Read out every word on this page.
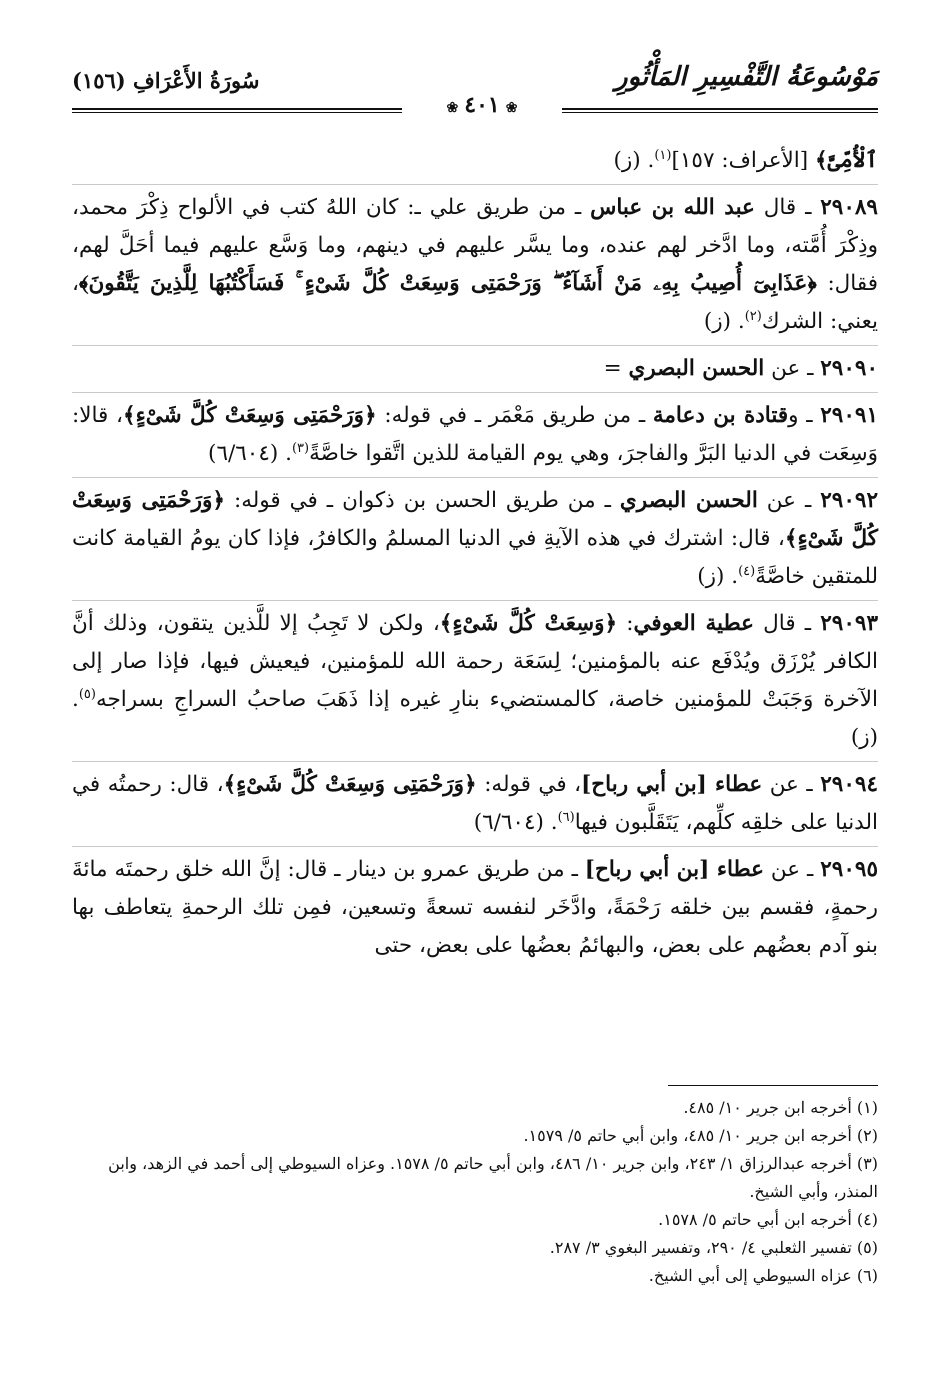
مَوْسُوعَةُ التَّفْسِيرِ المَأْثُورِ
سُورَةُ الأَعْرَافِ (١٥٦)
❀٤٠١❀

ٱلْأُمِّىَّ﴾ [الأعراف: ١٥٧]$^{(١)}$. (ز)

٢٩٠٨٩ ـ قال عبد الله بن عباس ـ من طريق علي ـ: كان اللهُ كتب في الألواح ذِكْرَ محمد، وذِكْرَ أُمَّته، وما ادَّخر لهم عنده، وما يسَّر عليهم في دينهم، وما وَسَّع عليهم فيما أحَلَّ لهم، فقال: ﴿عَذَابِىٓ أُصِيبُ بِهِۦ مَنْ أَشَآءُ ۖ وَرَحْمَتِى وَسِعَتْ كُلَّ شَىْءٍ ۚ فَسَأَكْتُبُهَا لِلَّذِينَ يَتَّقُونَ﴾، يعني: الشرك$^{(٢)}$. (ز)

٢٩٠٩٠ ـ عن الحسن البصري =

٢٩٠٩١ ـ وقتادة بن دعامة ـ من طريق مَعْمَر ـ في قوله: ﴿وَرَحْمَتِى وَسِعَتْ كُلَّ شَىْءٍ﴾، قالا: وَسِعَت في الدنيا البَرَّ والفاجرَ، وهي يوم القيامة للذين اتَّقوا خاصَّةً$^{(٣)}$. (٦/٦٠٤)

٢٩٠٩٢ ـ عن الحسن البصري ـ من طريق الحسن بن ذكوان ـ في قوله: ﴿وَرَحْمَتِى وَسِعَتْ كُلَّ شَىْءٍ﴾، قال: اشترك في هذه الآيةِ في الدنيا المسلمُ والكافرُ، فإذا كان يومُ القيامة كانت للمتقين خاصَّةً$^{(٤)}$. (ز)

٢٩٠٩٣ ـ قال عطية العوفي: ﴿وَسِعَتْ كُلَّ شَىْءٍ﴾، ولكن لا تَجِبُ إلا للَّذين يتقون، وذلك أنَّ الكافر يُرْزَق ويُدْفَع عنه بالمؤمنين؛ لِسَعَة رحمة الله للمؤمنين، فيعيش فيها، فإذا صار إلى الآخرة وَجَبَتْ للمؤمنين خاصة، كالمستضيء بنارِ غيره إذا ذَهَبَ صاحبُ السراجِ بسراجه$^{(٥)}$. (ز)

٢٩٠٩٤ ـ عن عطاء [بن أبي رباح]، في قوله: ﴿وَرَحْمَتِى وَسِعَتْ كُلَّ شَىْءٍ﴾، قال: رحمتُه في الدنيا على خلقِه كلِّهم، يَتَقَلَّبون فيها$^{(٦)}$. (٦/٦٠٤)

٢٩٠٩٥ ـ عن عطاء [بن أبي رباح] ـ من طريق عمرو بن دينار ـ قال: إنَّ الله خلق رحمتَه مائةَ رحمةٍ، فقسم بين خلقه رَحْمَةً، وادَّخَر لنفسه تسعةً وتسعين، فمِن تلك الرحمةِ يتعاطف بها بنو آدم بعضُهم على بعض، والبهائمُ بعضُها على بعض، حتى

(١) أخرجه ابن جرير ١٠/ ٤٨٥.
(٢) أخرجه ابن جرير ١٠/ ٤٨٥، وابن أبي حاتم ٥/ ١٥٧٩.
(٣) أخرجه عبدالرزاق ١/ ٢٤٣، وابن جرير ١٠/ ٤٨٦، وابن أبي حاتم ٥/ ١٥٧٨. وعزاه السيوطي إلى أحمد في الزهد، وابن المنذر، وأبي الشيخ.
(٤) أخرجه ابن أبي حاتم ٥/ ١٥٧٨.
(٥) تفسير الثعلبي ٤/ ٢٩٠، وتفسير البغوي ٣/ ٢٨٧.
(٦) عزاه السيوطي إلى أبي الشيخ.
